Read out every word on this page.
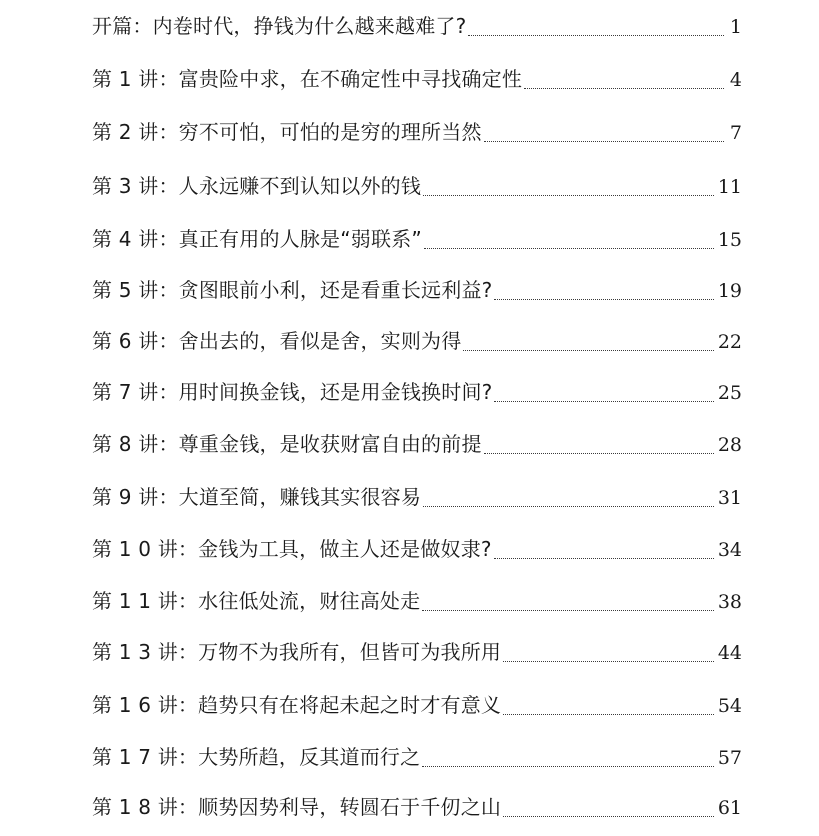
开篇：内卷时代，挣钱为什么越来越难了?	1
第 1 讲：富贵险中求，在不确定性中寻找确定性	4
第 2 讲：穷不可怕，可怕的是穷的理所当然	7
第 3 讲：人永远赚不到认知以外的钱	11
第 4 讲：真正有用的人脉是“弱联系”	15
第 5 讲：贪图眼前小利，还是看重长远利益?	19
第 6 讲：舍出去的，看似是舍，实则为得	22
第 7 讲：用时间换金钱，还是用金钱换时间?	25
第 8 讲：尊重金钱，是收获财富自由的前提	28
第 9 讲：大道至简，赚钱其实很容易	31
第 1 0 讲：金钱为工具，做主人还是做奴隶?	34
第 1 1 讲：水往低处流，财往高处走	38
第 1 3 讲：万物不为我所有，但皆可为我所用	44
第 1 6 讲：趋势只有在将起未起之时才有意义	54
第 1 7 讲：大势所趋，反其道而行之	57
第 1 8 讲：顺势因势利导，转圆石于千仞之山	61
